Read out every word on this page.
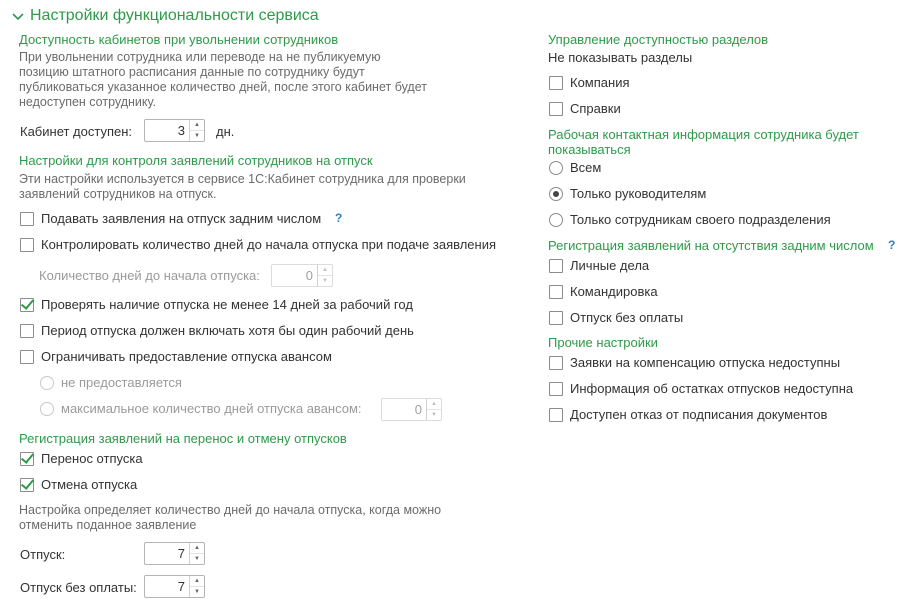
Настройки функциональности сервиса
Доступность кабинетов при увольнении сотрудников
При увольнении сотрудника или переводе на не публикуемую позицию штатного расписания данные по сотруднику будут публиковаться указанное количество дней, после этого кабинет будет недоступен сотруднику.
Кабинет доступен:	3	▲
▼	дн.
Настройки для контроля заявлений сотрудников на отпуск
Эти настройки используется в сервисе 1С:Кабинет сотрудника для проверки заявлений сотрудников на отпуск.
Подавать заявления на отпуск задним числом ?
Контролировать количество дней до начала отпуска при подаче заявления
Количество дней до начала отпуска:	0	▲
▼
Проверять наличие отпуска не менее 14 дней за рабочий год
Период отпуска должен включать хотя бы один рабочий день
Ограничивать предоставление отпуска авансом
не предоставляется
максимальное количество дней отпуска авансом:	0	▲
▼
Регистрация заявлений на перенос и отмену отпусков
Перенос отпуска
Отмена отпуска
Настройка определяет количество дней до начала отпуска, когда можно отменить поданное заявление
Отпуск:	7	▲
▼
Отпуск без оплаты:	7	▲
▼
Управление доступностью разделов
Не показывать разделы
Компания
Справки
Рабочая контактная информация сотрудника будет показываться
Всем
Только руководителям
Только сотрудникам своего подразделения
Регистрация заявлений на отсутствия задним числом ?
Личные дела
Командировка
Отпуск без оплаты
Прочие настройки
Заявки на компенсацию отпуска недоступны
Информация об остатках отпусков недоступна
Доступен отказ от подписания документов
